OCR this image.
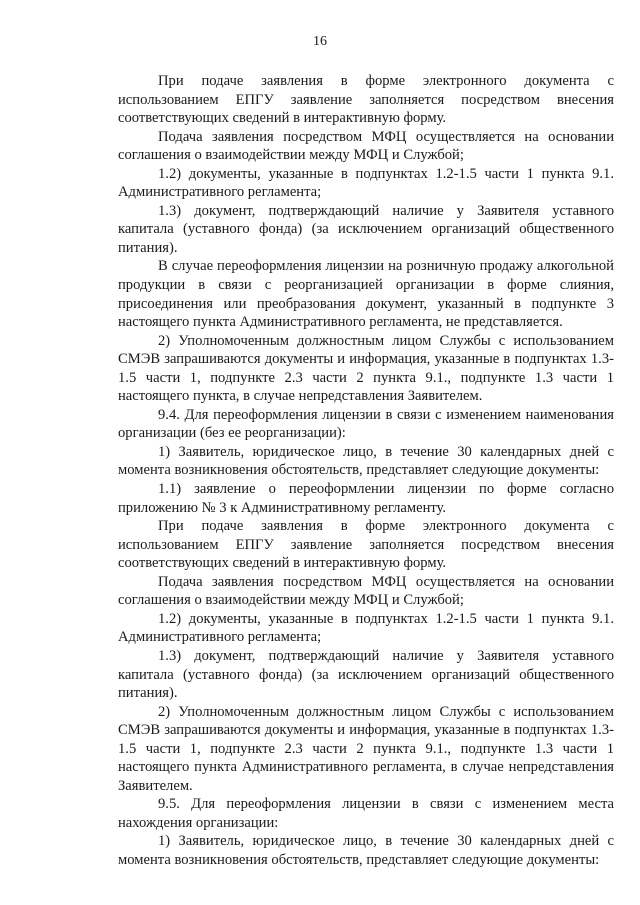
16

При подаче заявления в форме электронного документа с использованием ЕПГУ заявление заполняется посредством внесения соответствующих сведений в интерактивную форму.

Подача заявления посредством МФЦ осуществляется на основании соглашения о взаимодействии между МФЦ и Службой;

1.2) документы, указанные в подпунктах 1.2-1.5 части 1 пункта 9.1. Административного регламента;

1.3) документ, подтверждающий наличие у Заявителя уставного капитала (уставного фонда) (за исключением организаций общественного питания).

В случае переоформления лицензии на розничную продажу алкогольной продукции в связи с реорганизацией организации в форме слияния, присоединения или преобразования документ, указанный в подпункте 3 настоящего пункта Административного регламента, не представляется.

2) Уполномоченным должностным лицом Службы с использованием СМЭВ запрашиваются документы и информация, указанные в подпунктах 1.3-1.5 части 1, подпункте 2.3 части 2 пункта 9.1., подпункте 1.3 части 1 настоящего пункта, в случае непредставления Заявителем.

9.4. Для переоформления лицензии в связи с изменением наименования организации (без ее реорганизации):

1) Заявитель, юридическое лицо, в течение 30 календарных дней с момента возникновения обстоятельств, представляет следующие документы:

1.1) заявление о переоформлении лицензии по форме согласно приложению № 3 к Административному регламенту.

При подаче заявления в форме электронного документа с использованием ЕПГУ заявление заполняется посредством внесения соответствующих сведений в интерактивную форму.

Подача заявления посредством МФЦ осуществляется на основании соглашения о взаимодействии между МФЦ и Службой;

1.2) документы, указанные в подпунктах 1.2-1.5 части 1 пункта 9.1. Административного регламента;

1.3) документ, подтверждающий наличие у Заявителя уставного капитала (уставного фонда) (за исключением организаций общественного питания).

2) Уполномоченным должностным лицом Службы с использованием СМЭВ запрашиваются документы и информация, указанные в подпунктах 1.3-1.5 части 1, подпункте 2.3 части 2 пункта 9.1., подпункте 1.3 части 1 настоящего пункта Административного регламента, в случае непредставления Заявителем.

9.5. Для переоформления лицензии в связи с изменением места нахождения организации:

1) Заявитель, юридическое лицо, в течение 30 календарных дней с момента возникновения обстоятельств, представляет следующие документы:
